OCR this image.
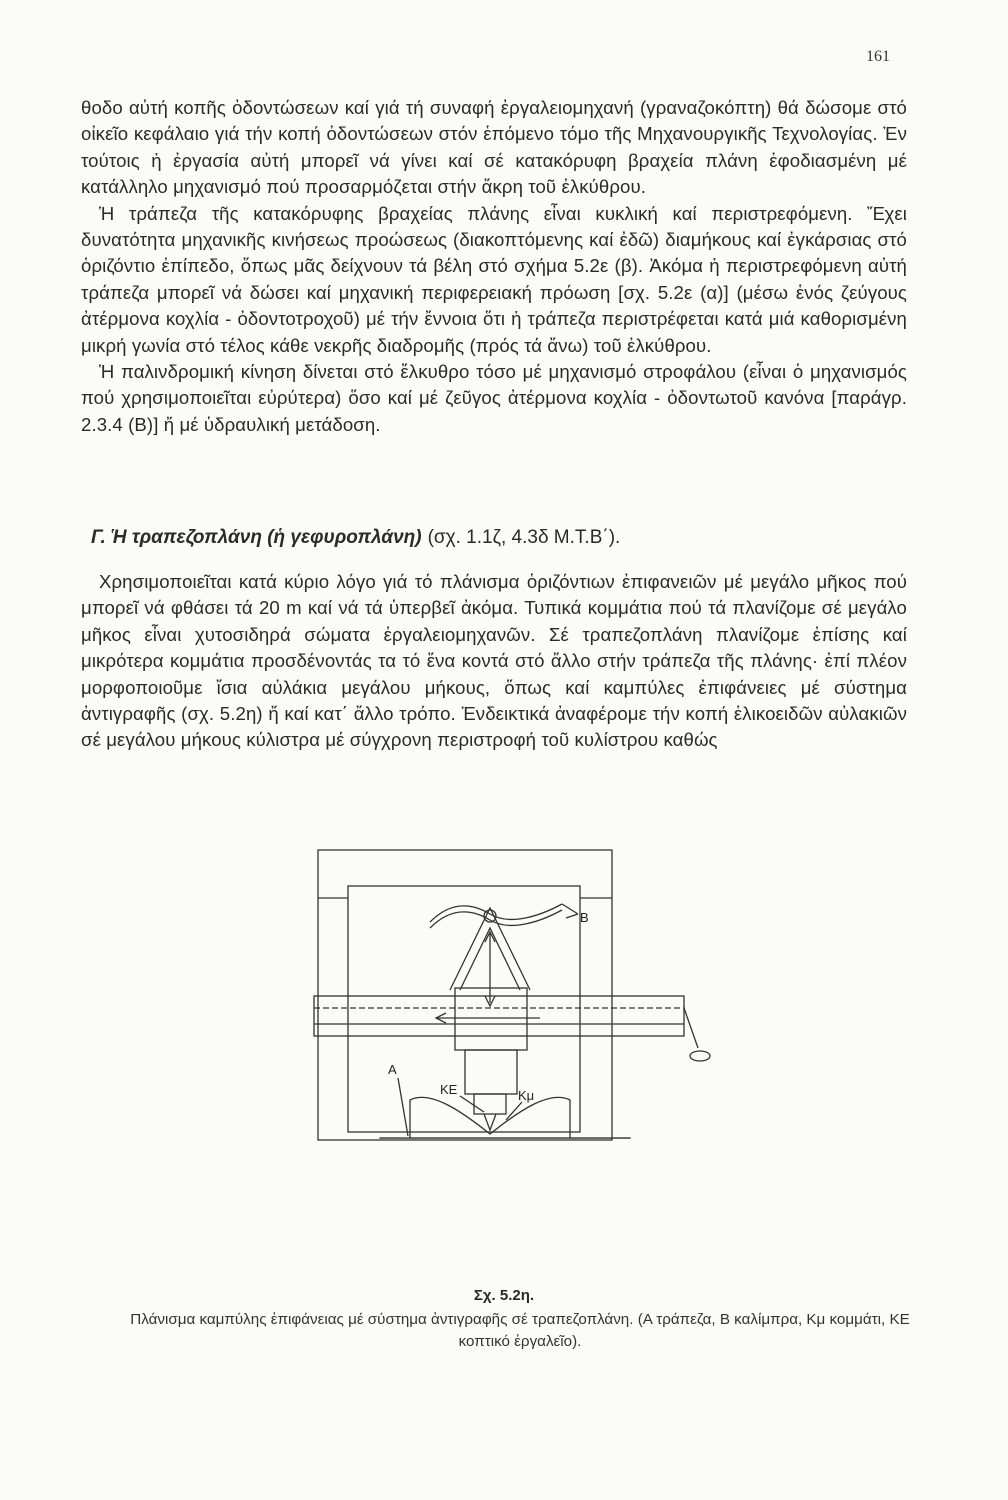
161

θοδο αὐτή κοπῆς ὀδοντώσεων καί γιά τή συναφή ἐργαλειομηχανή (γραναζοκόπτη) θά δώσομε στό οἰκεῖο κεφάλαιο γιά τήν κοπή ὀδοντώσεων στόν ἑπόμενο τόμο τῆς Μηχανουργικῆς Τεχνολογίας. Ἐν τούτοις ἡ ἐργασία αὐτή μπορεῖ νά γίνει καί σέ κατακόρυφη βραχεία πλάνη ἐφοδιασμένη μέ κατάλληλο μηχανισμό πού προσαρμόζεται στήν ἄκρη τοῦ ἐλκύθρου.

Ἡ τράπεζα τῆς κατακόρυφης βραχείας πλάνης εἶναι κυκλική καί περιστρεφόμενη. Ἔχει δυνατότητα μηχανικῆς κινήσεως προώσεως (διακοπτόμενης καί ἐδῶ) διαμήκους καί ἐγκάρσιας στό ὁριζόντιο ἐπίπεδο, ὅπως μᾶς δείχνουν τά βέλη στό σχήμα 5.2ε (β). Ἀκόμα ἡ περιστρεφόμενη αὐτή τράπεζα μπορεῖ νά δώσει καί μηχανική περιφερειακή πρόωση [σχ. 5.2ε (α)] (μέσω ἑνός ζεύγους ἀτέρμονα κοχλία - ὀδοντοτροχοῦ) μέ τήν ἔννοια ὅτι ἡ τράπεζα περιστρέφεται κατά μιά καθορισμένη μικρή γωνία στό τέλος κάθε νεκρῆς διαδρομῆς (πρός τά ἄνω) τοῦ ἐλκύθρου.

Ἡ παλινδρομική κίνηση δίνεται στό ἔλκυθρο τόσο μέ μηχανισμό στροφάλου (εἶναι ὁ μηχανισμός πού χρησιμοποιεῖται εὐρύτερα) ὅσο καί μέ ζεῦγος ἀτέρμονα κοχλία - ὀδοντωτοῦ κανόνα [παράγρ. 2.3.4 (Β)] ἤ μέ ὑδραυλική μετάδοση.

Γ. Ἡ τραπεζοπλάνη (ἡ γεφυροπλάνη) (σχ. 1.1ζ, 4.3δ Μ.Τ.Β΄).

Χρησιμοποιεῖται κατά κύριο λόγο γιά τό πλάνισμα ὁριζόντιων ἐπιφανειῶν μέ μεγάλο μῆκος πού μπορεῖ νά φθάσει τά 20 m καί νά τά ὑπερβεῖ ἀκόμα. Τυπικά κομμάτια πού τά πλανίζομε σέ μεγάλο μῆκος εἶναι χυτοσιδηρά σώματα ἐργαλειομηχανῶν. Σέ τραπεζοπλάνη πλανίζομε ἐπίσης καί μικρότερα κομμάτια προσδένοντάς τα τό ἕνα κοντά στό ἄλλο στήν τράπεζα τῆς πλάνης· ἐπί πλέον μορφοποιοῦμε ἴσια αὐλάκια μεγάλου μήκους, ὅπως καί καμπύλες ἐπιφάνειες μέ σύστημα ἀντιγραφῆς (σχ. 5.2η) ἤ καί κατ΄ ἄλλο τρόπο. Ἐνδεικτικά ἀναφέρομε τήν κοπή ἑλικοειδῶν αὐλακιῶν σέ μεγάλου μήκους κύλιστρα μέ σύγχρονη περιστροφή τοῦ κυλίστρου καθώς

B
A
ΚΕ	Κμ
Σχ. 5.2η.
Πλάνισμα καμπύλης ἐπιφάνειας μέ σύστημα ἀντιγραφῆς σέ τραπεζοπλάνη. (Α τράπεζα, Β καλίμπρα, Κμ κομμάτι, ΚΕ κοπτικό ἐργαλεῖο).
